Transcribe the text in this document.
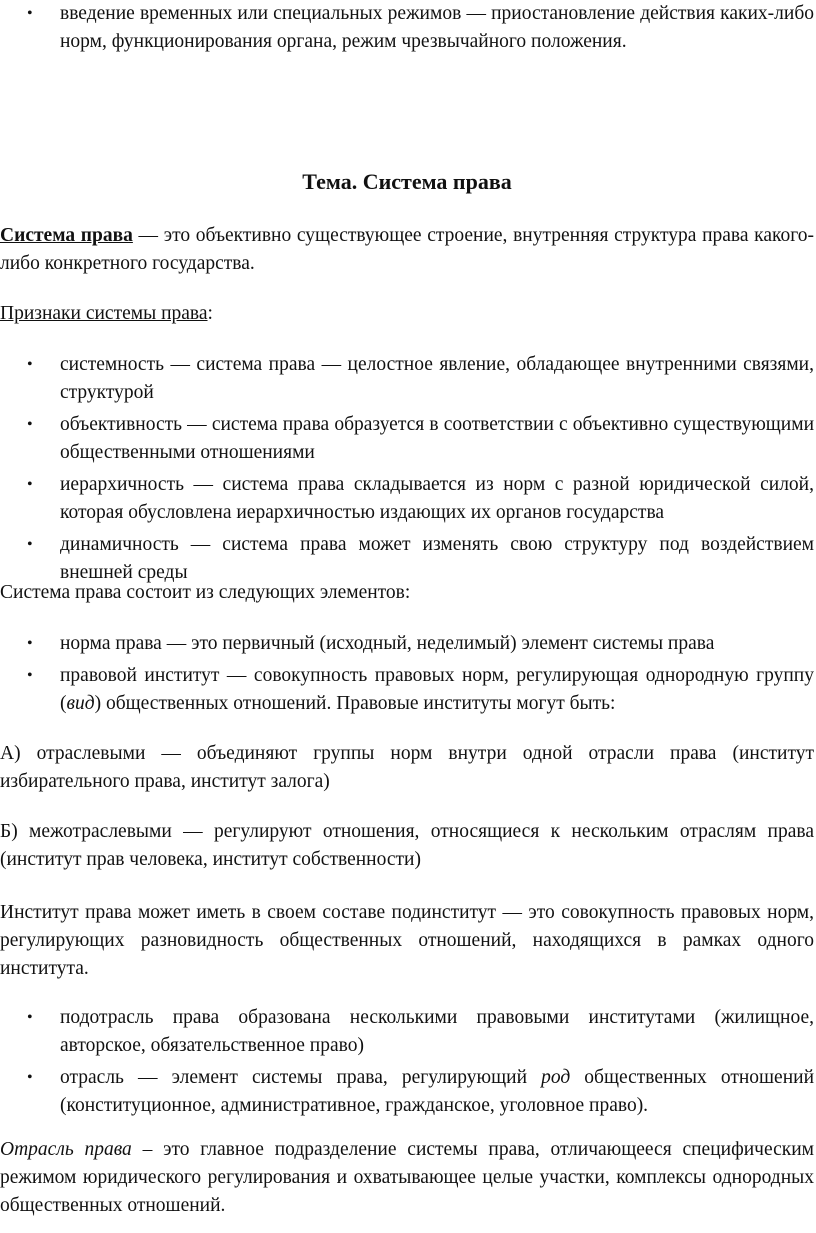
• введение временных или специальных режимов — приостановление действия каких-либо норм, функционирования органа, режим чрезвычайного положения.

Тема. Система права

Система права — это объективно существующее строение, внутренняя структура права какого-либо конкретного государства.

Признаки системы права:

• системность — система права — целостное явление, обладающее внутренними связями, структурой
• объективность — система права образуется в соответствии с объективно существующими общественными отношениями
• иерархичность — система права складывается из норм с разной юридической силой, которая обусловлена иерархичностью издающих их органов государства
• динамичность — система права может изменять свою структуру под воздействием внешней среды

Система права состоит из следующих элементов:

• норма права — это первичный (исходный, неделимый) элемент системы права
• правовой институт — совокупность правовых норм, регулирующая однородную группу (вид) общественных отношений. Правовые институты могут быть:

А) отраслевыми — объединяют группы норм внутри одной отрасли права (институт избирательного права, институт залога)

Б) межотраслевыми — регулируют отношения, относящиеся к нескольким отраслям права (институт прав человека, институт собственности)

Институт права может иметь в своем составе подинститут — это совокупность правовых норм, регулирующих разновидность общественных отношений, находящихся в рамках одного института.

• подотрасль права образована несколькими правовыми институтами (жилищное, авторское, обязательственное право)
• отрасль — элемент системы права, регулирующий род общественных отношений (конституционное, административное, гражданское, уголовное право).

Отрасль права – это главное подразделение системы права, отличающееся специфическим режимом юридического регулирования и охватывающее целые участки, комплексы однородных общественных отношений.
